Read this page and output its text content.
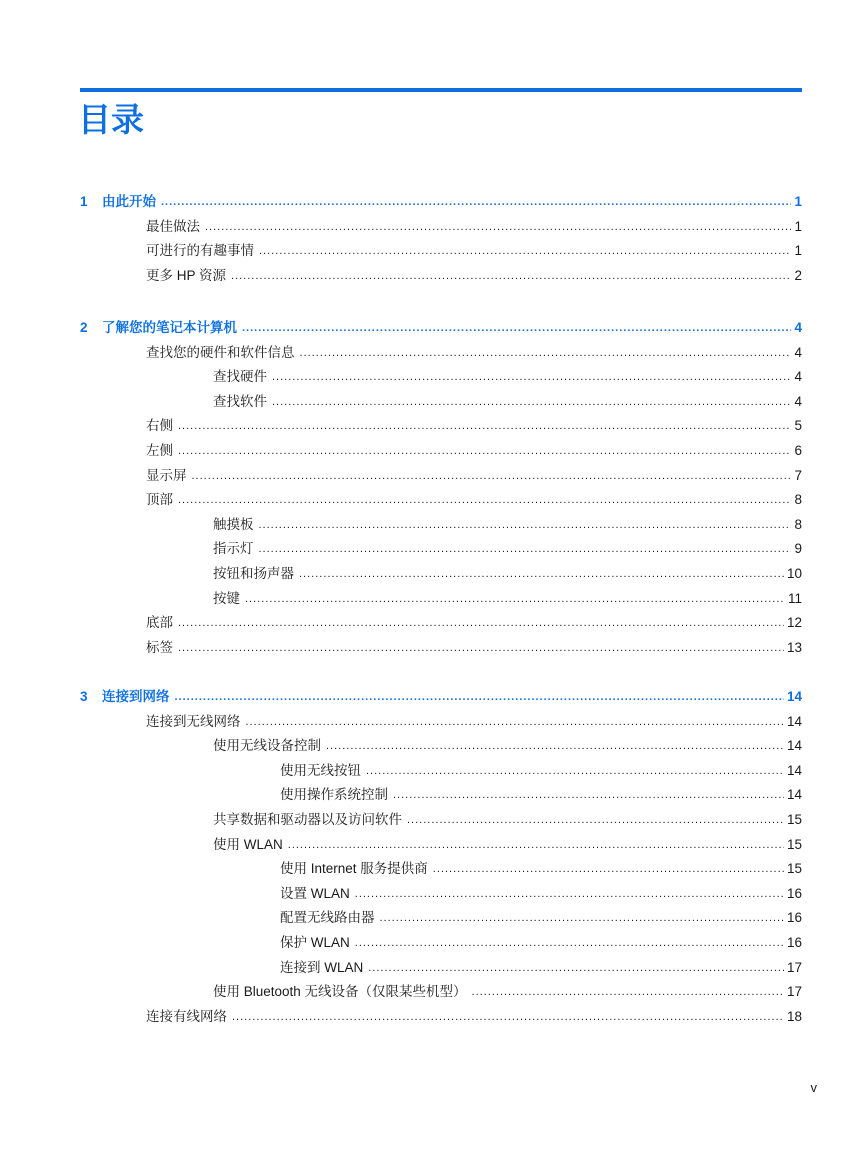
目录
1	由此开始 .....	1
最佳做法 .....	1
可进行的有趣事情 .....	1
更多 HP 资源 .....	2
2	了解您的笔记本计算机 .....	4
查找您的硬件和软件信息 .....	4
查找硬件 .....	4
查找软件 .....	4
右侧 .....	5
左侧 .....	6
显示屏 .....	7
顶部 .....	8
触摸板 .....	8
指示灯 .....	9
按钮和扬声器 .....	10
按键 .....	11
底部 .....	12
标签 .....	13
3	连接到网络 .....	14
连接到无线网络 .....	14
使用无线设备控制 .....	14
使用无线按钮 .....	14
使用操作系统控制 .....	14
共享数据和驱动器以及访问软件 .....	15
使用 WLAN .....	15
使用 Internet 服务提供商 .....	15
设置 WLAN .....	16
配置无线路由器 .....	16
保护 WLAN .....	16
连接到 WLAN .....	17
使用 Bluetooth 无线设备（仅限某些机型） .....	17
连接有线网络 .....	18
v
